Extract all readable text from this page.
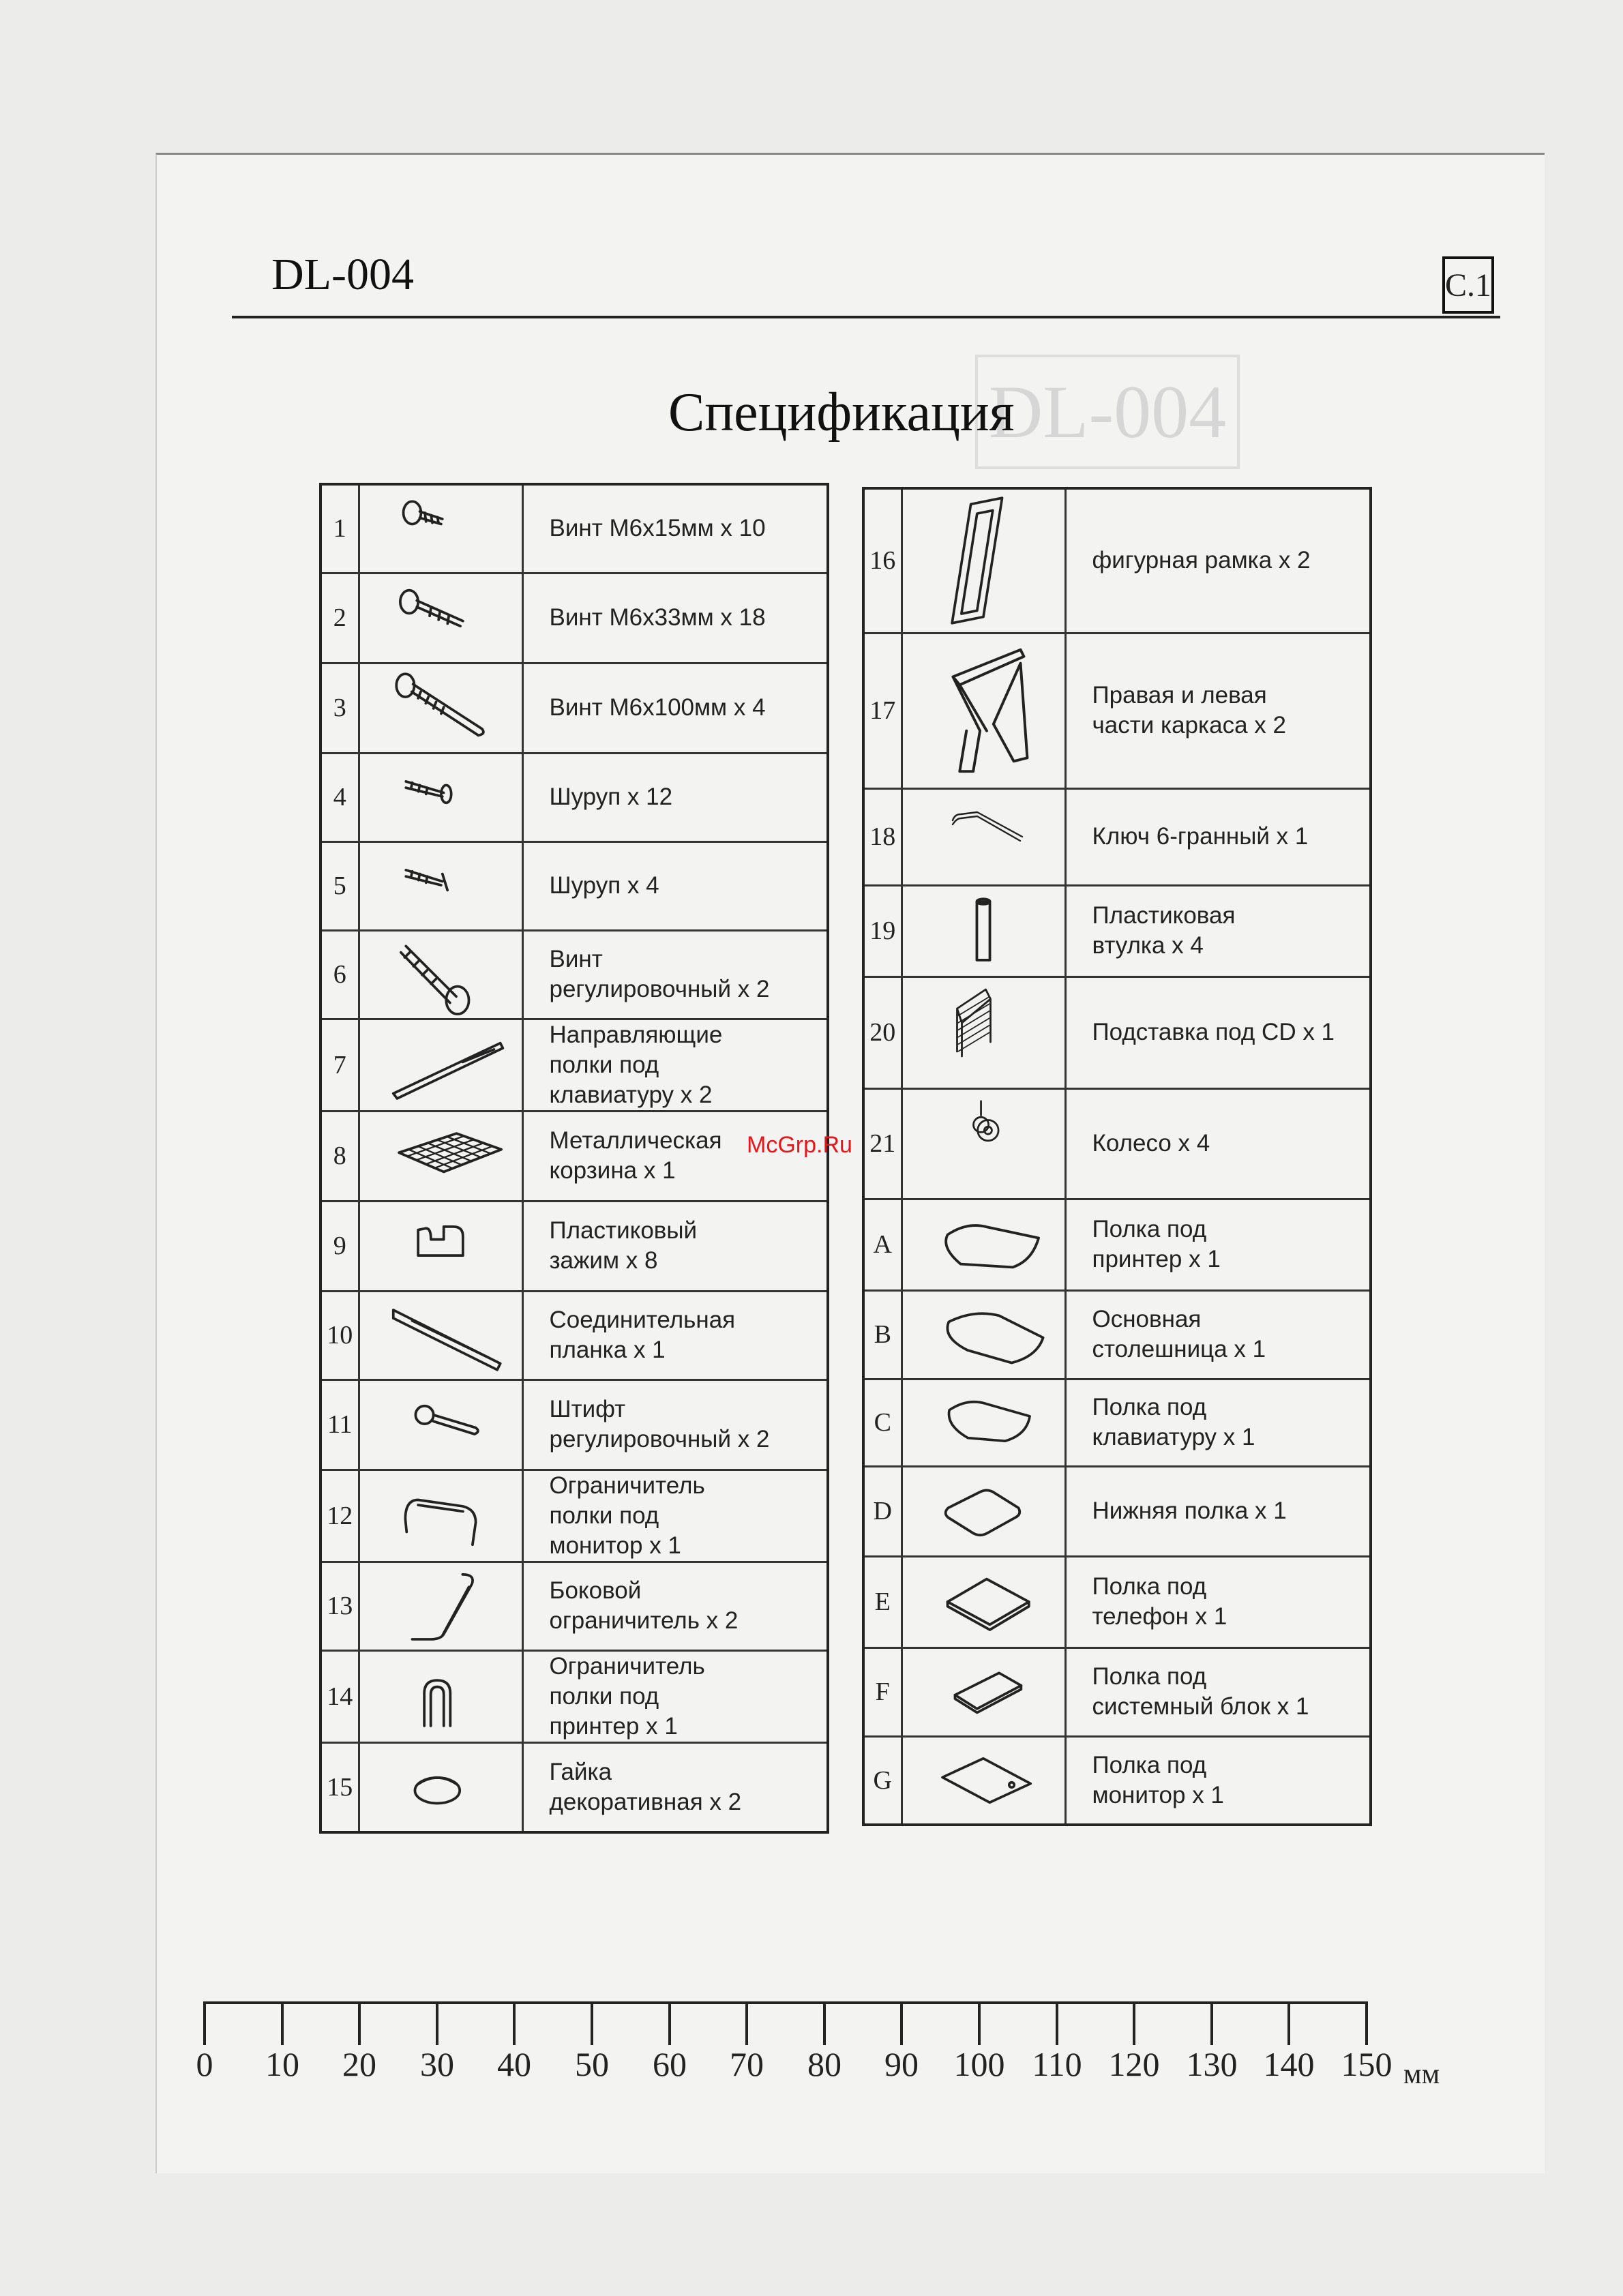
DL-004
DL-004	C.1
Спецификация
1		Винт М6х15мм х 10
2		Винт М6х33мм х 18
3		Винт М6х100мм х 4
4		Шуруп х 12
5		Шуруп х 4
6		Винт
регулировочный х 2
7		Направляющие
полки под
клавиатуру х 2
8		Металлическая
корзина х 1
9		Пластиковый
зажим х 8
10		Соединительная
планка х 1
11		Штифт
регулировочный х 2
12		Ограничитель
полки под
монитор х 1
13		Боковой
ограничитель х 2
14		Ограничитель
полки под
принтер х 1
15		Гайка
декоративная х 2
16		фигурная рамка х 2
17		Правая и левая
части каркаса х 2
18		Ключ 6-гранный х 1
19		Пластиковая
втулка х 4
20		Подставка под CD х 1
21		Колесо х 4
A		Полка под
принтер х 1
B		Основная
столешница х 1
C		Полка под
клавиатуру х 1
D		Нижняя полка х 1
E		Полка под
телефон х 1
F		Полка под
системный блок х 1
G		Полка под
монитор х 1
McGrp.Ru
0 10 20 30 40 50 60 70 80 90 100 110 120 130 140 150 мм
